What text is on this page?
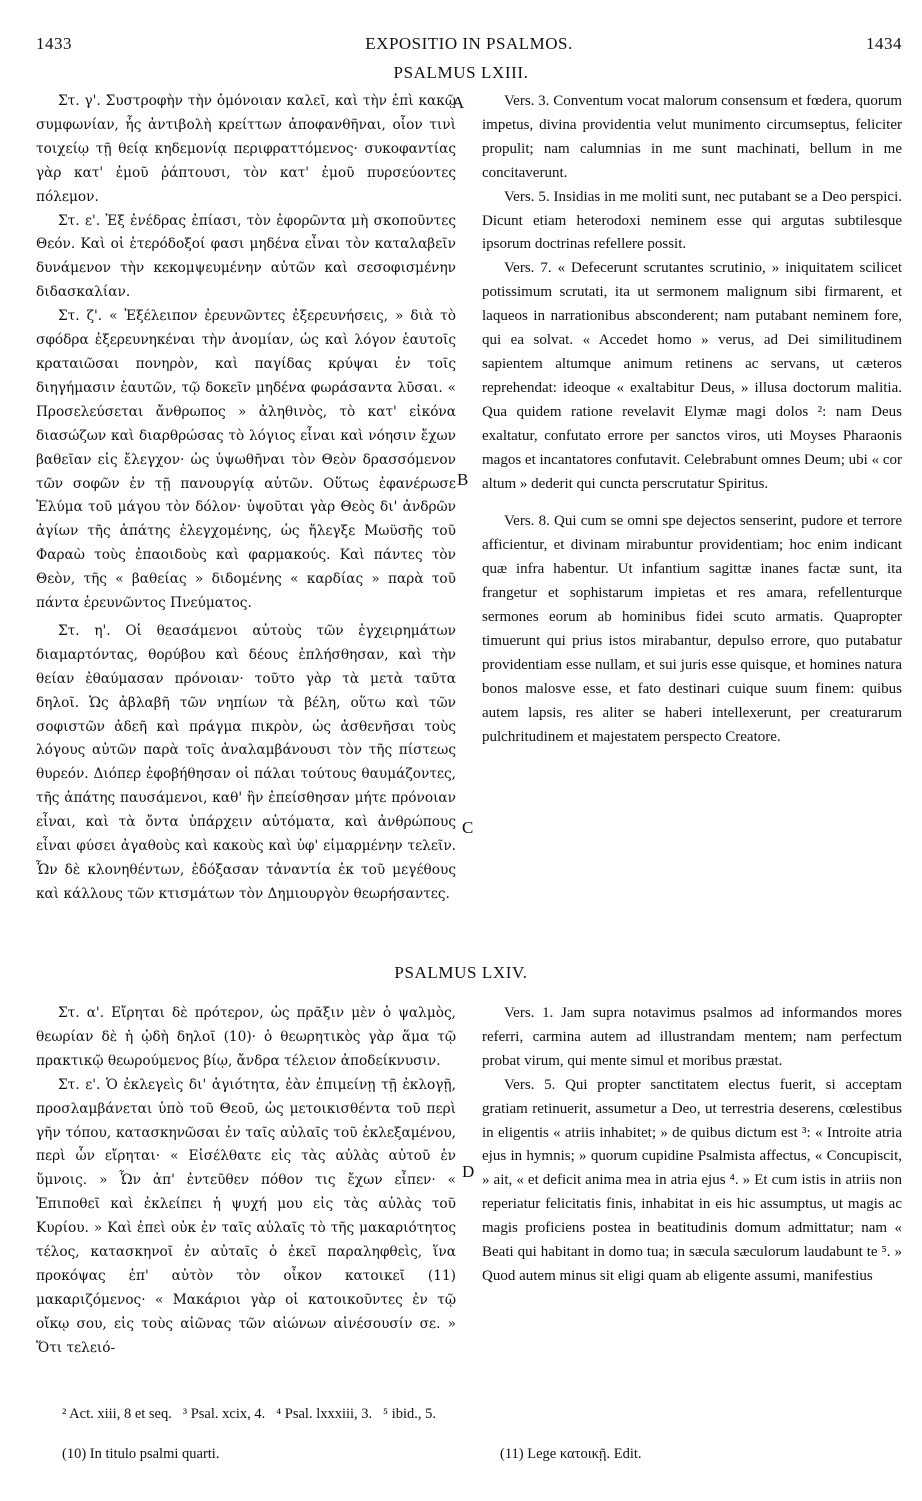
1433	EXPOSITIO IN PSALMOS.	1434
PSALMUS LXIII.

Στ. γ'. Συστροφὴν τὴν ὁμόνοιαν καλεῖ, καὶ τὴν ἐπὶ κακῷ συμφωνίαν, ἧς ἀντιβολὴ κρείττων ἀποφανθῆναι, οἷον τινὶ τοιχείῳ τῇ θείᾳ κηδεμονίᾳ περιφραττόμενος· συκοφαντίας γὰρ κατ' ἐμοῦ ῥάπτουσι, τὸν κατ' ἐμοῦ πυρσεύοντες πόλεμον.

Στ. ε'. Ἐξ ἐνέδρας ἐπίασι, τὸν ἐφορῶντα μὴ σκοποῦντες Θεόν. Καὶ οἱ ἑτερόδοξοί φασι μηδένα εἶναι τὸν καταλαβεῖν δυνάμενον τὴν κεκομψευμένην αὐτῶν καὶ σεσοφισμένην διδασκαλίαν.

Στ. ζ'. « Ἐξέλειπον ἐρευνῶντες ἐξερευνήσεις, » διὰ τὸ σφόδρα ἐξερευνηκέναι τὴν ἀνομίαν, ὡς καὶ λόγον ἑαυτοῖς κραταιῶσαι πονηρὸν, καὶ παγίδας κρύψαι ἐν τοῖς διηγήμασιν ἑαυτῶν, τῷ δοκεῖν μηδένα φωράσαντα λῦσαι. « Προσελεύσεται ἄνθρωπος » ἀληθινὸς, τὸ κατ' εἰκόνα διασώζων καὶ διαρθρώσας τὸ λόγιος εἶναι καὶ νόησιν ἔχων βαθεῖαν εἰς ἔλεγχον· ὡς ὑψωθῆναι τὸν Θεὸν δρασσόμενον τῶν σοφῶν ἐν τῇ πανουργίᾳ αὐτῶν. Οὕτως ἐφανέρωσε Ἐλύμα τοῦ μάγου τὸν δόλον· ὑψοῦται γὰρ Θεὸς δι' ἀνδρῶν ἁγίων τῆς ἀπάτης ἐλεγχομένης, ὡς ἤλεγξε Μωϋσῆς τοῦ Φαραὼ τοὺς ἐπαοιδοὺς καὶ φαρμακούς. Καὶ πάντες τὸν Θεὸν, τῆς « βαθείας » διδομένης « καρδίας » παρὰ τοῦ πάντα ἐρευνῶντος Πνεύματος.

Στ. η'. Οἱ θεασάμενοι αὐτοὺς τῶν ἐγχειρημάτων διαμαρτόντας, θορύβου καὶ δέους ἐπλήσθησαν, καὶ τὴν θείαν ἐθαύμασαν πρόνοιαν· τοῦτο γὰρ τὰ μετὰ ταῦτα δηλοῖ. Ὡς ἀβλαβῆ τῶν νηπίων τὰ βέλη, οὕτω καὶ τῶν σοφιστῶν ἀδεῆ καὶ πράγμα πικρὸν, ὡς ἀσθενῆσαι τοὺς λόγους αὐτῶν παρὰ τοῖς ἀναλαμβάνουσι τὸν τῆς πίστεως θυρεόν. Διόπερ ἐφοβήθησαν οἱ πάλαι τούτους θαυμάζοντες, τῆς ἀπάτης παυσάμενοι, καθ' ἣν ἐπείσθησαν μήτε πρόνοιαν εἶναι, καὶ τὰ ὄντα ὑπάρχειν αὐτόματα, καὶ ἀνθρώπους εἶναι φύσει ἀγαθοὺς καὶ κακοὺς καὶ ὑφ' εἱμαρμένην τελεῖν. Ὧν δὲ κλονηθέντων, ἐδόξασαν τἀναντία ἐκ τοῦ μεγέθους καὶ κάλλους τῶν κτισμάτων τὸν Δημιουργὸν θεωρήσαντες.

Vers. 3. Conventum vocat malorum consensum et fœdera, quorum impetus, divina providentia velut munimento circumseptus, feliciter propulit; nam calumnias in me sunt machinati, bellum in me concitaverunt.

Vers. 5. Insidias in me moliti sunt, nec putabant se a Deo perspici. Dicunt etiam heterodoxi neminem esse qui argutas subtilesque ipsorum doctrinas refellere possit.

Vers. 7. « Defecerunt scrutantes scrutinio, » iniquitatem scilicet potissimum scrutati, ita ut sermonem malignum sibi firmarent, et laqueos in narrationibus absconderent; nam putabant neminem fore, qui ea solvat. « Accedet homo » verus, ad Dei similitudinem sapientem altumque animum retinens ac servans, ut cæteros reprehendat: ideoque « exaltabitur Deus, » illusa doctorum malitia. Qua quidem ratione revelavit Elymæ magi dolos ²: nam Deus exaltatur, confutato errore per sanctos viros, uti Moyses Pharaonis magos et incantatores confutavit. Celebrabunt omnes Deum; ubi « cor altum » dederit qui cuncta perscrutatur Spiritus.

Vers. 8. Qui cum se omni spe dejectos senserint, pudore et terrore afficientur, et divinam mirabuntur providentiam; hoc enim indicant quæ infra habentur. Ut infantium sagittæ inanes factæ sunt, ita frangetur et sophistarum impietas et res amara, refellenturque sermones eorum ab hominibus fidei scuto armatis. Quapropter timuerunt qui prius istos mirabantur, depulso errore, quo putabatur providentiam esse nullam, et sui juris esse quisque, et homines natura bonos malosve esse, et fato destinari cuique suum finem: quibus autem lapsis, res aliter se haberi intellexerunt, per creaturarum pulchritudinem et majestatem perspecto Creatore.

A
B
C
D
PSALMUS LXIV.

Στ. α'. Εἴρηται δὲ πρότερον, ὡς πρᾶξιν μὲν ὁ ψαλμὸς, θεωρίαν δὲ ἡ ᾠδὴ δηλοῖ (10)· ὁ θεωρητικὸς γὰρ ἅμα τῷ πρακτικῷ θεωρούμενος βίῳ, ἄνδρα τέλειον ἀποδείκνυσιν.

Στ. ε'. Ὁ ἐκλεγεὶς δι' ἁγιότητα, ἐὰν ἐπιμείνῃ τῇ ἐκλογῇ, προσλαμβάνεται ὑπὸ τοῦ Θεοῦ, ὡς μετοικισθέντα τοῦ περὶ γῆν τόπου, κατασκηνῶσαι ἐν ταῖς αὐλαῖς τοῦ ἐκλεξαμένου, περὶ ὧν εἴρηται· « Εἰσέλθατε εἰς τὰς αὐλὰς αὐτοῦ ἐν ὕμνοις. » Ὧν ἀπ' ἐντεῦθεν πόθον τις ἔχων εἶπεν· « Ἐπιποθεῖ καὶ ἐκλείπει ἡ ψυχή μου εἰς τὰς αὐλὰς τοῦ Κυρίου. » Καὶ ἐπεὶ οὐκ ἐν ταῖς αὐλαῖς τὸ τῆς μακαριότητος τέλος, κατασκηνοῖ ἐν αὐταῖς ὁ ἐκεῖ παραληφθεὶς, ἵνα προκόψας ἐπ' αὐτὸν τὸν οἶκον κατοικεῖ (11) μακαριζόμενος· « Μακάριοι γὰρ οἱ κατοικοῦντες ἐν τῷ οἴκῳ σου, εἰς τοὺς αἰῶνας τῶν αἰώνων αἰνέσουσίν σε. » Ὅτι τελειό-

Vers. 1. Jam supra notavimus psalmos ad informandos mores referri, carmina autem ad illustrandam mentem; nam perfectum probat virum, qui mente simul et moribus præstat.

Vers. 5. Qui propter sanctitatem electus fuerit, si acceptam gratiam retinuerit, assumetur a Deo, ut terrestria deserens, cœlestibus in eligentis « atriis inhabitet; » de quibus dictum est ³: « Introite atria ejus in hymnis; » quorum cupidine Psalmista affectus, « Concupiscit, » ait, « et deficit anima mea in atria ejus ⁴. » Et cum istis in atriis non reperiatur felicitatis finis, inhabitat in eis hic assumptus, ut magis ac magis proficiens postea in beatitudinis domum admittatur; nam « Beati qui habitant in domo tua; in sæcula sæculorum laudabunt te ⁵. » Quod autem minus sit eligi quam ab eligente assumi, manifestius

² Act. xiii, 8 et seq.   ³ Psal. xcix, 4.   ⁴ Psal. lxxxiii, 3.   ⁵ ibid., 5.
(10) In titulo psalmi quarti.	(11) Lege κατοικῇ. Edit.
